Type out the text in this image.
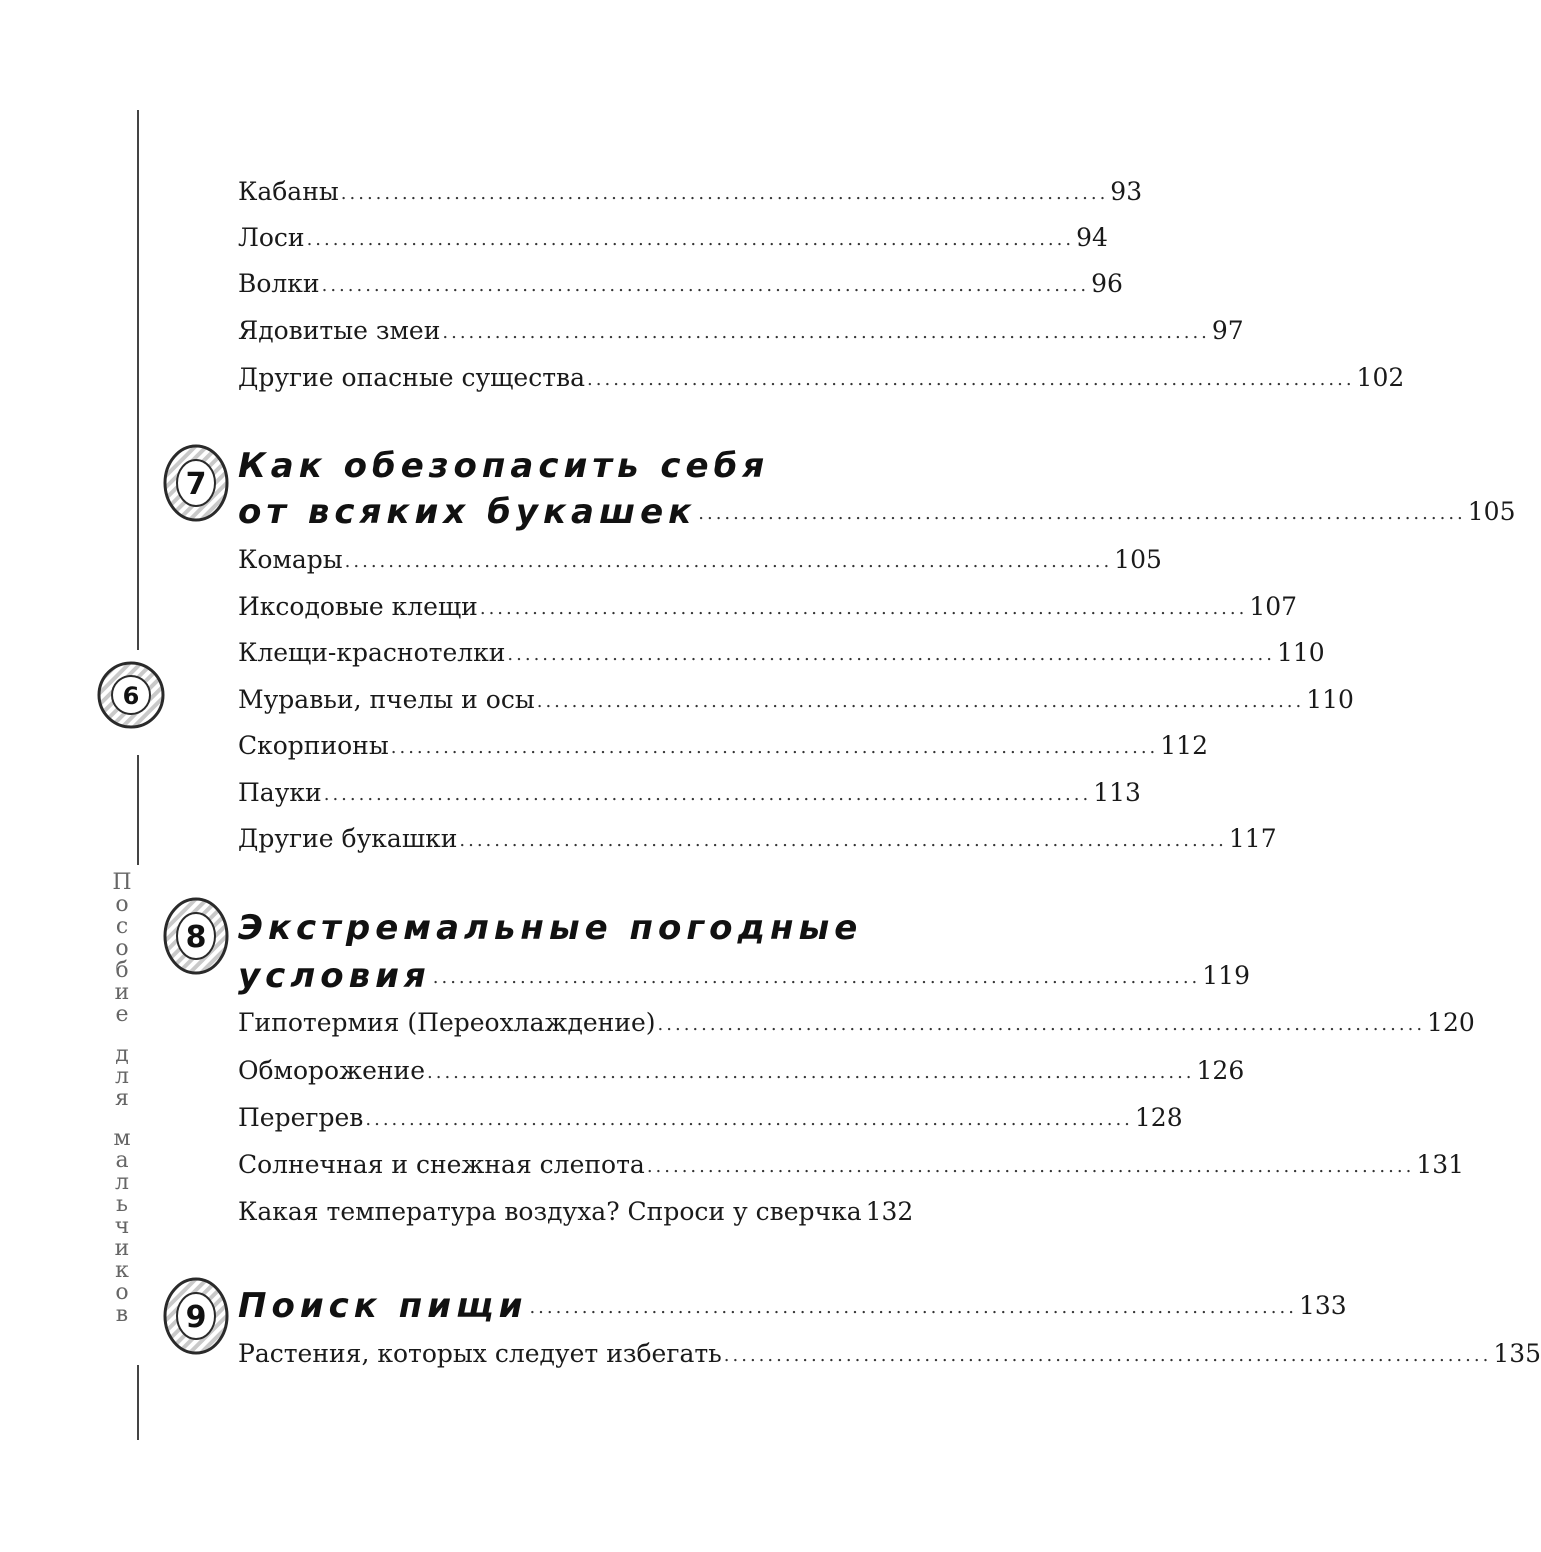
П
о
с
о
б
и
е
д
л
я
м
а
л
ь
ч
и
к
о
в
6
Кабаны ........................................................................................ 93
Лоси ........................................................................................ 94
Волки ........................................................................................ 96
Ядовитые змеи ........................................................................................ 97
Другие опасные существа ........................................................................................ 102
7 Как обезопасить себя
от всяких букашек ........................................................................................ 105
Комары ........................................................................................ 105
Иксодовые клещи ........................................................................................ 107
Клещи-краснотелки ........................................................................................ 110
Муравьи, пчелы и осы ........................................................................................ 110
Скорпионы ........................................................................................ 112
Пауки ........................................................................................ 113
Другие букашки ........................................................................................ 117
8 Экстремальные погодные
условия ........................................................................................ 119
Гипотермия (Переохлаждение) ........................................................................................ 120
Обморожение ........................................................................................ 126
Перегрев ........................................................................................ 128
Солнечная и снежная слепота ........................................................................................ 131
Какая температура воздуха? Спроси у сверчка 132
9 Поиск пищи ........................................................................................ 133
Растения, которых следует избегать ........................................................................................ 135
